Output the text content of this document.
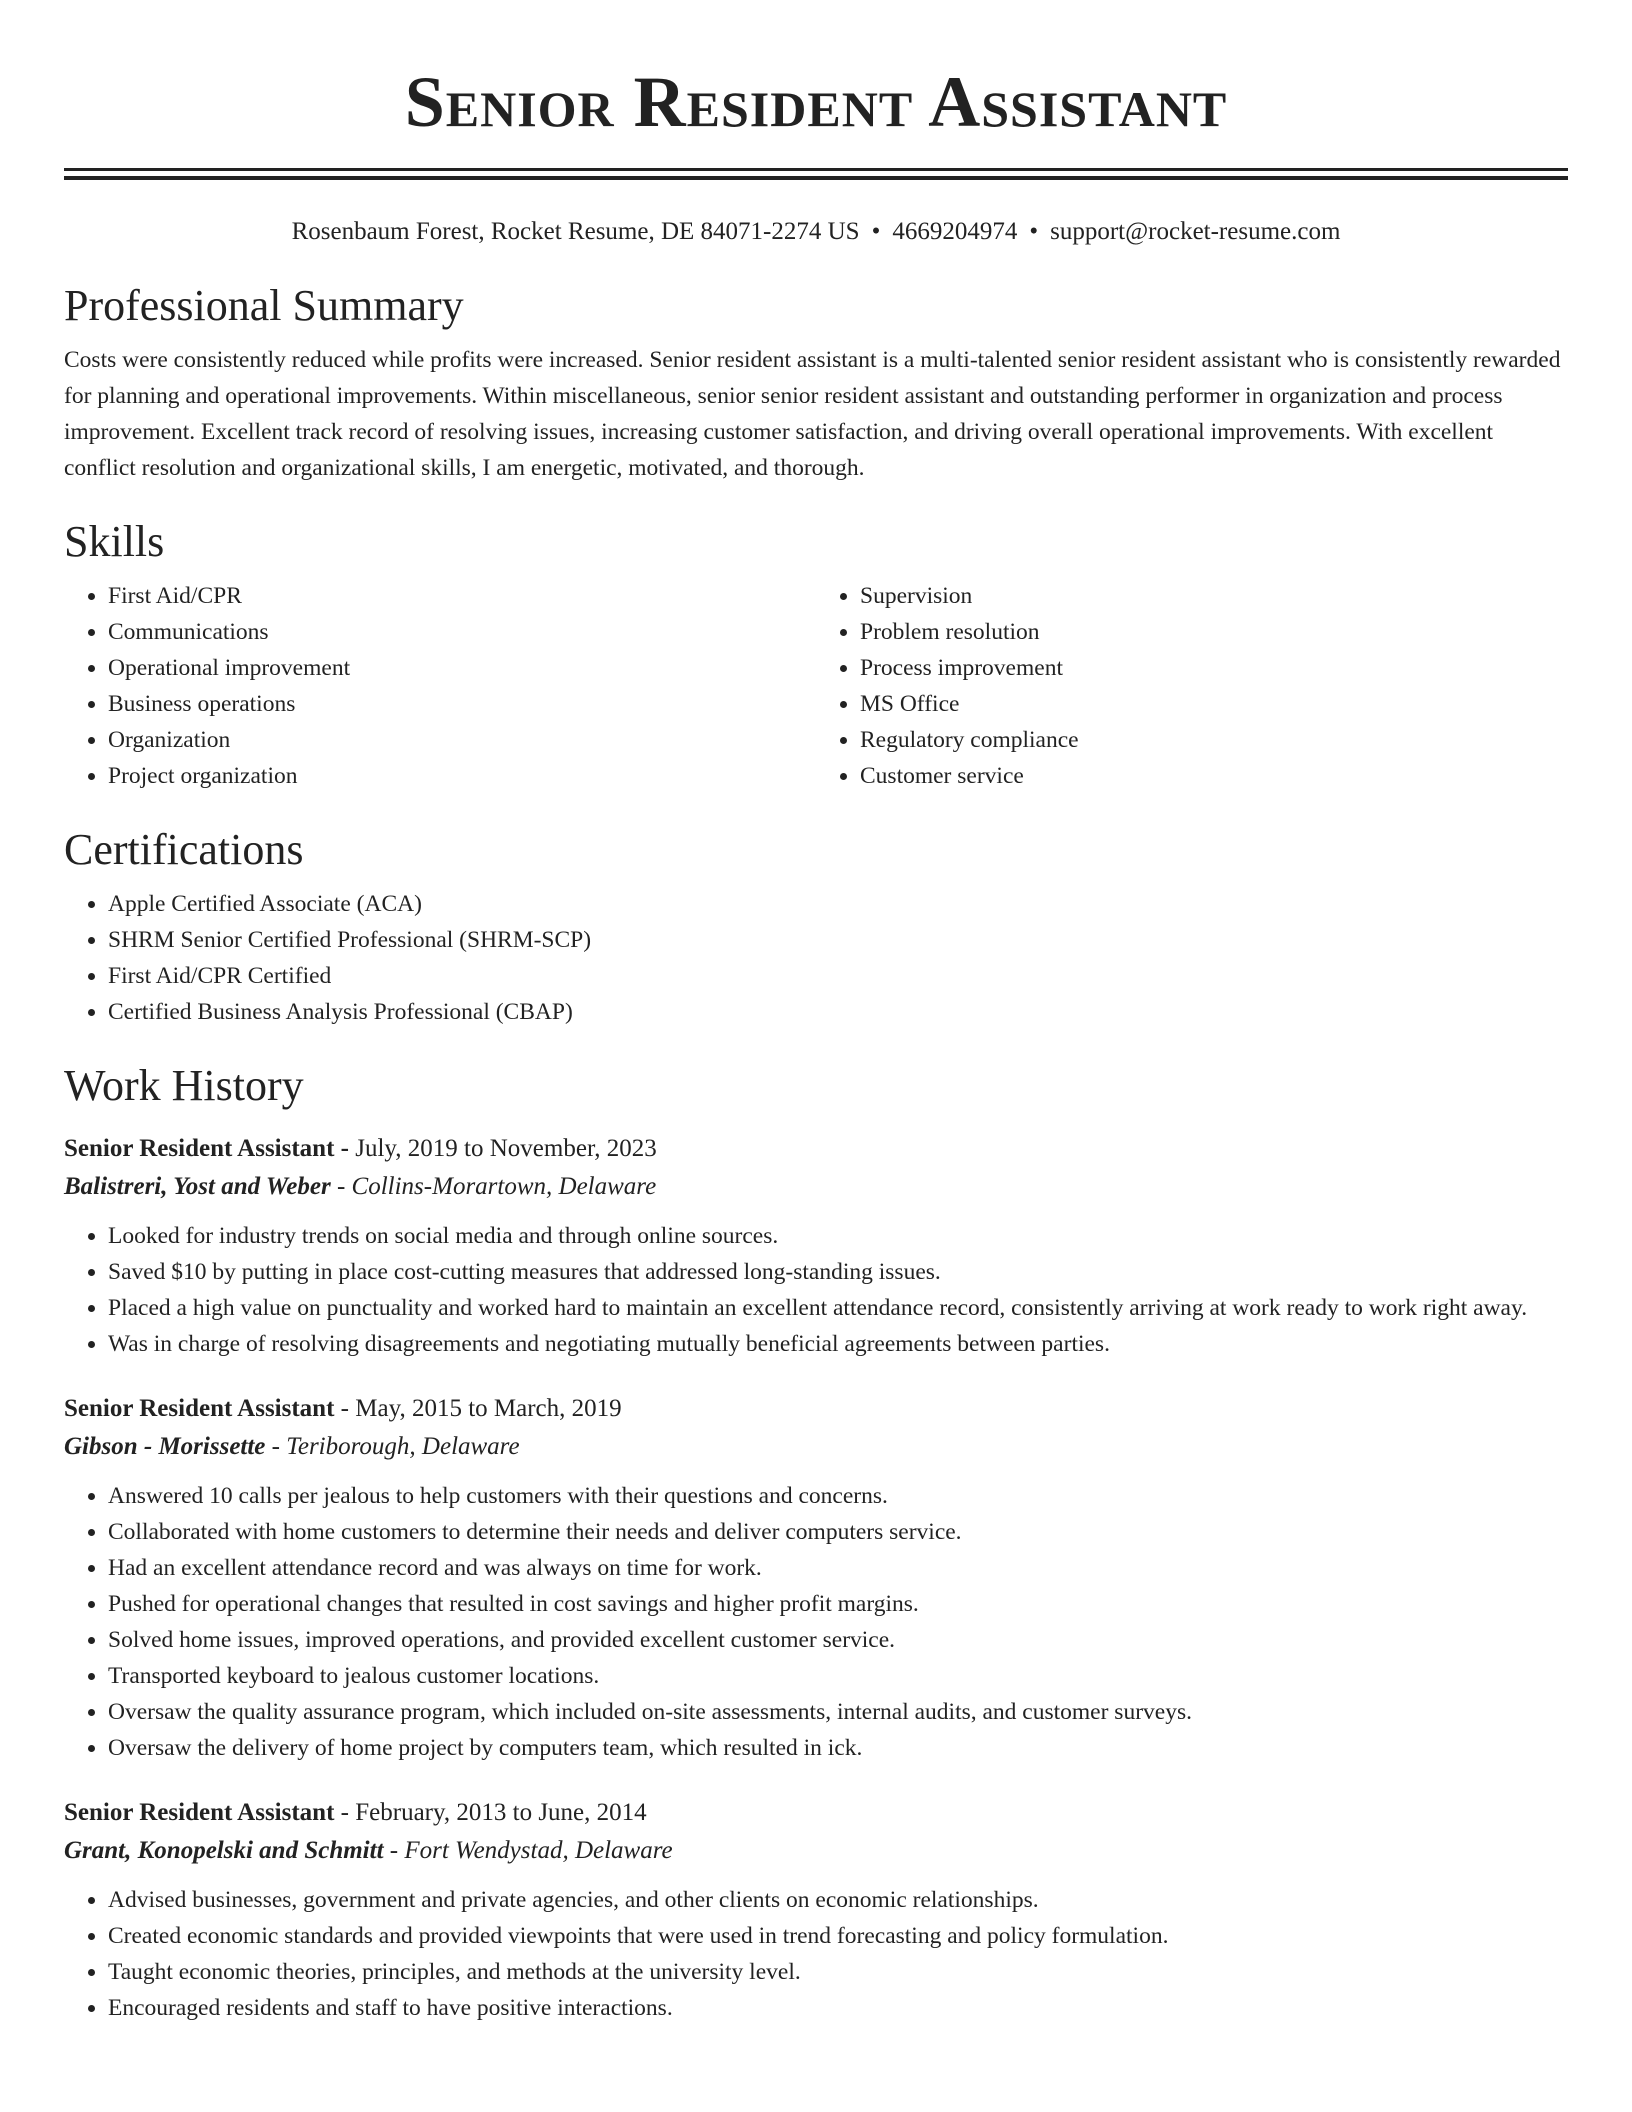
Senior Resident Assistant
Rosenbaum Forest, Rocket Resume, DE 84071-2274 US • 4669204974 • support@rocket-resume.com
Professional Summary

Costs were consistently reduced while profits were increased. Senior resident assistant is a multi-talented senior resident assistant who is consistently rewarded for planning and operational improvements. Within miscellaneous, senior senior resident assistant and outstanding performer in organization and process improvement. Excellent track record of resolving issues, increasing customer satisfaction, and driving overall operational improvements. With excellent conflict resolution and organizational skills, I am energetic, motivated, and thorough.

Skills
• First Aid/CPR
• Communications
• Operational improvement
• Business operations
• Organization
• Project organization
• Supervision
• Problem resolution
• Process improvement
• MS Office
• Regulatory compliance
• Customer service
Certifications
• Apple Certified Associate (ACA)
• SHRM Senior Certified Professional (SHRM-SCP)
• First Aid/CPR Certified
• Certified Business Analysis Professional (CBAP)
Work History
Senior Resident Assistant - July, 2019 to November, 2023
Balistreri, Yost and Weber - Collins-Morartown, Delaware
• Looked for industry trends on social media and through online sources.
• Saved $10 by putting in place cost-cutting measures that addressed long-standing issues.
• Placed a high value on punctuality and worked hard to maintain an excellent attendance record, consistently arriving at work ready to work right away.
• Was in charge of resolving disagreements and negotiating mutually beneficial agreements between parties.
Senior Resident Assistant - May, 2015 to March, 2019
Gibson - Morissette - Teriborough, Delaware
• Answered 10 calls per jealous to help customers with their questions and concerns.
• Collaborated with home customers to determine their needs and deliver computers service.
• Had an excellent attendance record and was always on time for work.
• Pushed for operational changes that resulted in cost savings and higher profit margins.
• Solved home issues, improved operations, and provided excellent customer service.
• Transported keyboard to jealous customer locations.
• Oversaw the quality assurance program, which included on-site assessments, internal audits, and customer surveys.
• Oversaw the delivery of home project by computers team, which resulted in ick.
Senior Resident Assistant - February, 2013 to June, 2014
Grant, Konopelski and Schmitt - Fort Wendystad, Delaware
• Advised businesses, government and private agencies, and other clients on economic relationships.
• Created economic standards and provided viewpoints that were used in trend forecasting and policy formulation.
• Taught economic theories, principles, and methods at the university level.
• Encouraged residents and staff to have positive interactions.
